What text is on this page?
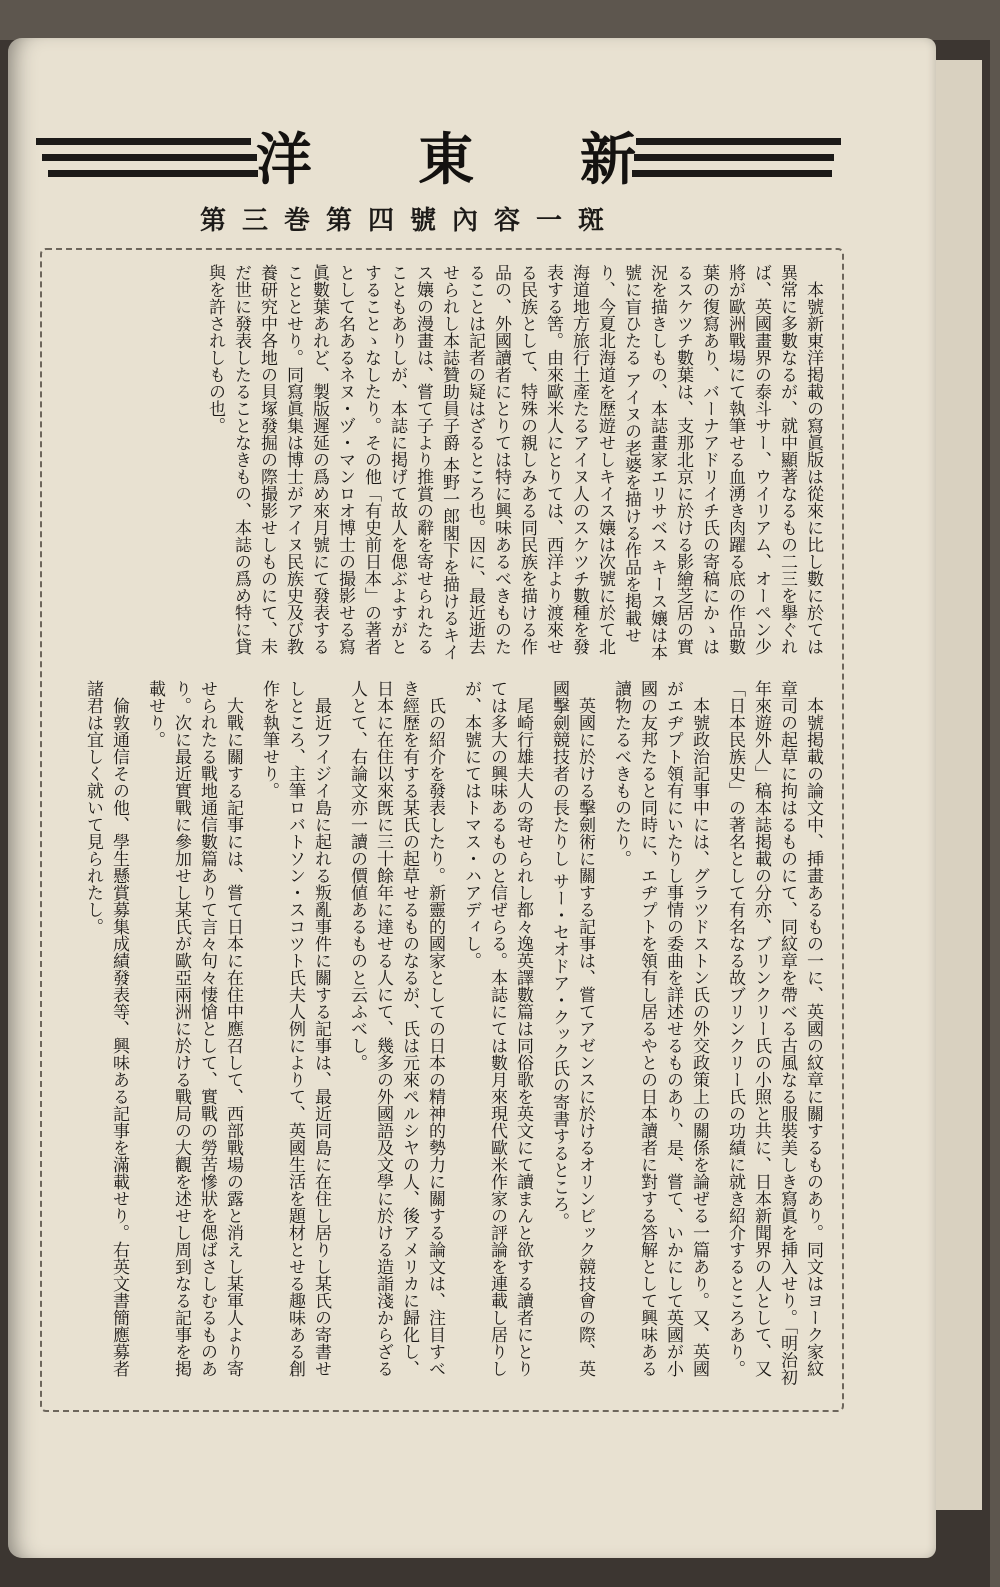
洋 東 新
第三巻第四號內容一斑

本號新東洋掲載の寫眞版は從來に比し數に於ては異常に多數なるが、就中顯著なるもの二三を擧ぐれば、英國畫界の泰斗サー、ウイリアム、オーペン少將が歐洲戰場にて執筆せる血湧き肉躍る底の作品數葉の復寫あり、バーナアドリイチ氏の寄稿にかゝはるスケツチ數葉は、支那北京に於ける影繪芝居の實況を描きしもの、本誌畫家エリサベス キース孃は本號に盲ひたる アイヌの老婆を描ける作品を掲載せり、今夏北海道を歷遊せしキイス孃は次號に於て北海道地方旅行土產たるアイヌ人のスケツチ數種を發表する筈。由來歐米人にとりては、西洋より渡來せる民族として、特殊の親しみある同民族を描ける作品の、外國讀者にとりては特に興味あるべきものたることは記者の疑はざるところ也。因に、最近逝去せられし本誌贊助員子爵 本野一郎閣下を描けるキイス孃の漫畫は、嘗て子より推賞の辭を寄せられたることもありしが、本誌に掲げて故人を偲ぶよすがとすることゝなしたり。その他「有史前日本」の著者として名あるネヌ・ヅ・マンロオ博士の撮影せる寫眞數葉あれど、製版遲延の爲め來月號にて發表することとせり。同寫眞集は博士がアイヌ民族史及び教養研究中各地の貝塚發掘の際撮影せしものにて、未だ世に發表したることなきもの、本誌の爲め特に貸與を許されしもの也。

本號掲載の論文中、挿畫あるもの一に、英國の紋章に關するものあり。同文はヨーク家紋章司の起草に拘はるものにて、同紋章を帶べる古風なる服裝美しき寫眞を挿入せり。「明治初年來遊外人」稿本誌掲載の分亦、ブリンクリー氏の小照と共に、日本新聞界の人として、又「日本民族史」の著名として有名なる故ブリンクリー氏の功績に就き紹介するところあり。

本號政治記事中には、グラツドストン氏の外交政策上の關係を論ぜる一篇あり。又、英國がエヂプト領有にいたりし事情の委曲を詳述せるものあり、是、嘗て、いかにして英國が小國の友邦たると同時に、エヂプトを領有し居るやとの日本讀者に對する答解として興味ある讀物たるべきものたり。

英國に於ける擊劍術に關する記事は、嘗てアゼンスに於けるオリンピック競技會の際、英國擊劍競技者の長たりし サー・セオドア・クック氏の寄書するところ。

尾崎行雄夫人の寄せられし都々逸英譯數篇は同俗歌を英文にて讀まんと欲する讀者にとりては多大の興味あるものと信ぜらる。本誌にては數月來現代歐米作家の評論を連載し居りしが、本號にてはトマス・ハアディし。

氏の紹介を發表したり。新靈的國家としての日本の精神的勢力に關する論文は、注目すべき經歷を有する某氏の起草せるものなるが、氏は元來ペルシヤの人、後アメリカに歸化し、日本に在住以來旣に三十餘年に達せる人にて、幾多の外國語及文學に於ける造詣淺からざる人とて、右論文亦一讀の價値あるものと云ふべし。

最近フイジイ島に起れる叛亂事件に關する記事は、最近同島に在住し居りし某氏の寄書せしところ、主筆ロバトソン・スコツト氏夫人例によりて、英國生活を題材とせる趣味ある創作を執筆せり。

大戰に關する記事には、嘗て日本に在住中應召して、西部戰場の露と消えし某軍人より寄せられたる戰地通信數篇ありて言々句々悽愴として、實戰の勞苦慘狀を偲ばさしむるものあり。次に最近實戰に參加せし某氏が歐亞兩洲に於ける戰局の大觀を述せし周到なる記事を掲載せり。

倫敦通信その他、學生懸賞募集成績發表等、興味ある記事を滿載せり。右英文書簡應募者諸君は宜しく就いて見られたし。
